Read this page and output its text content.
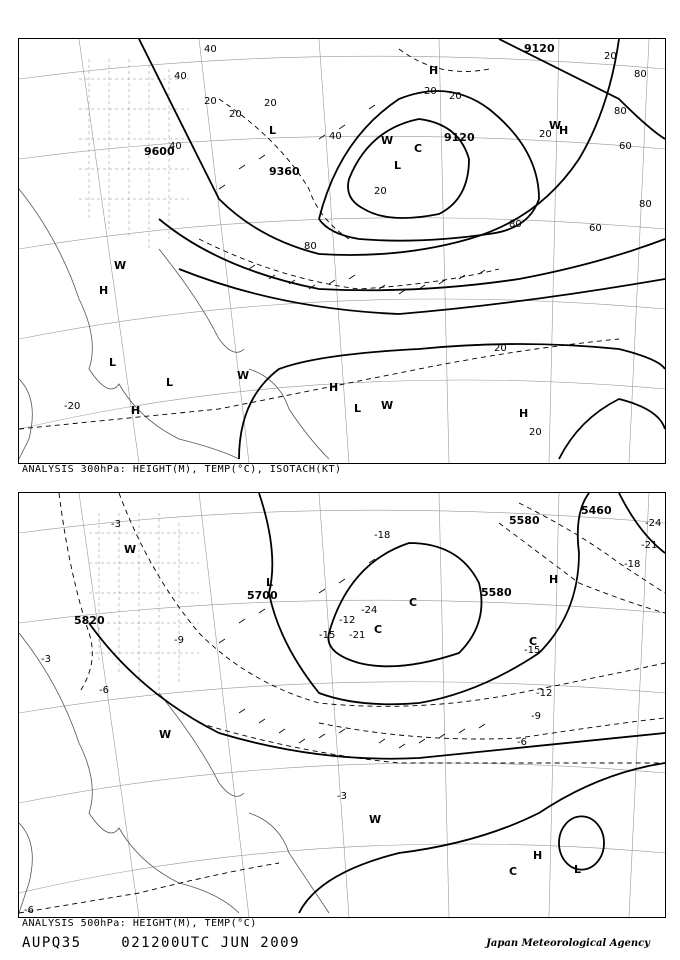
9120
9600
9360
9120
40
40
20	20
20
40
20 20
40
20
80
80	60
80
20
20
20
20
80
60
80
-20
L
L
C
W
H
H
W
H
L
L
H
L
W
H
W
H
W
ANALYSIS 300hPa: HEIGHT(M), TEMP(°C), ISOTACH(KT)
5820
5700	5580
5580
5460
-3
-3
-6
-9
-12
-15
-18
-21
-24
-24
-21
-18
-15
-12
-9
-6
-3
-6
W
L
C
C
H
C
W
L
H
C
W
ANALYSIS 500hPa: HEIGHT(M), TEMP(°C)
AUPQ35	021200UTC JUN 2009	Japan Meteorological Agency
